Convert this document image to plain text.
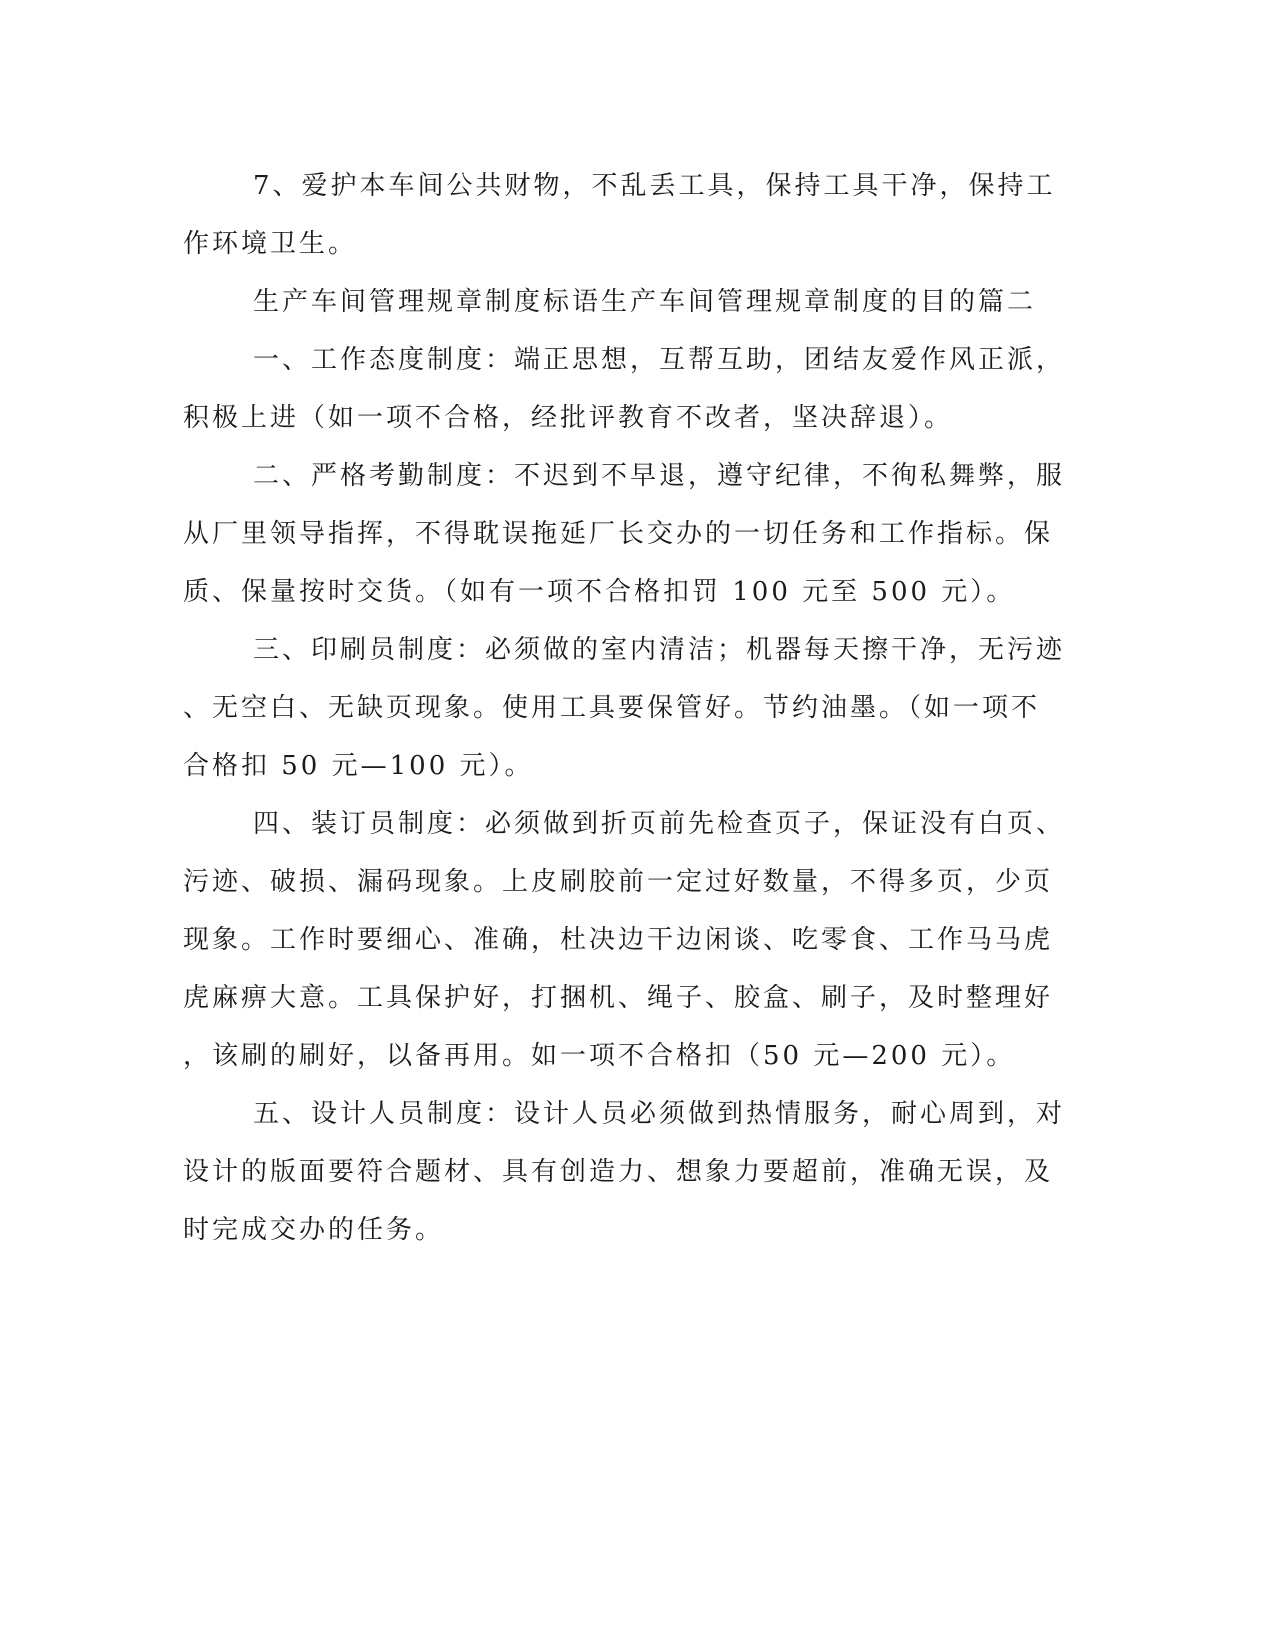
7、爱护本车间公共财物，不乱丢工具，保持工具干净，保持工
作环境卫生。
生产车间管理规章制度标语生产车间管理规章制度的目的篇二
一、工作态度制度：端正思想，互帮互助，团结友爱作风正派，
积极上进（如一项不合格，经批评教育不改者，坚决辞退）。
二、严格考勤制度：不迟到不早退，遵守纪律，不徇私舞弊，服
从厂里领导指挥，不得耽误拖延厂长交办的一切任务和工作指标。保
质、保量按时交货。（如有一项不合格扣罚 100 元至 500 元）。
三、印刷员制度：必须做的室内清洁；机器每天擦干净，无污迹
、无空白、无缺页现象。使用工具要保管好。节约油墨。（如一项不
合格扣 50 元—100 元）。
四、装订员制度：必须做到折页前先检查页子，保证没有白页、
污迹、破损、漏码现象。上皮刷胶前一定过好数量，不得多页，少页
现象。工作时要细心、准确，杜决边干边闲谈、吃零食、工作马马虎
虎麻痹大意。工具保护好，打捆机、绳子、胶盒、刷子，及时整理好
，该刷的刷好，以备再用。如一项不合格扣（50 元—200 元）。
五、设计人员制度：设计人员必须做到热情服务，耐心周到，对
设计的版面要符合题材、具有创造力、想象力要超前，准确无误，及
时完成交办的任务。
